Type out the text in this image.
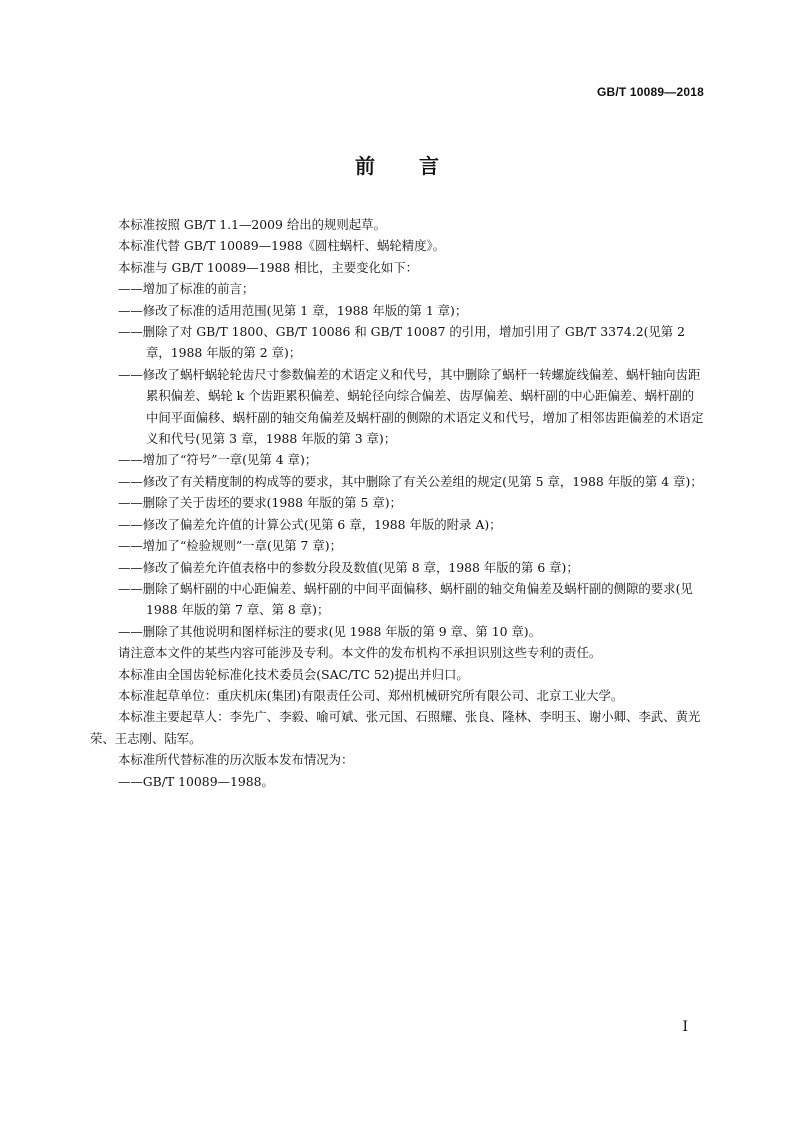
GB/T 10089—2018
前 言

本标准按照 GB/T 1.1—2009 给出的规则起草。

本标准代替 GB/T 10089—1988《圆柱蜗杆、蜗轮精度》。

本标准与 GB/T 10089—1988 相比，主要变化如下：

——增加了标准的前言；

——修改了标准的适用范围(见第 1 章，1988 年版的第 1 章)；

——删除了对 GB/T 1800、GB/T 10086 和 GB/T 10087 的引用，增加引用了 GB/T 3374.2(见第 2 章，1988 年版的第 2 章)；

——修改了蜗杆蜗轮轮齿尺寸参数偏差的术语定义和代号，其中删除了蜗杆一转螺旋线偏差、蜗杆轴向齿距累积偏差、蜗轮 k 个齿距累积偏差、蜗轮径向综合偏差、齿厚偏差、蜗杆副的中心距偏差、蜗杆副的中间平面偏移、蜗杆副的轴交角偏差及蜗杆副的侧隙的术语定义和代号，增加了相邻齿距偏差的术语定义和代号(见第 3 章，1988 年版的第 3 章)；

——增加了“符号”一章(见第 4 章)；

——修改了有关精度制的构成等的要求，其中删除了有关公差组的规定(见第 5 章，1988 年版的第 4 章)；

——删除了关于齿坯的要求(1988 年版的第 5 章)；

——修改了偏差允许值的计算公式(见第 6 章，1988 年版的附录 A)；

——增加了“检验规则”一章(见第 7 章)；

——修改了偏差允许值表格中的参数分段及数值(见第 8 章，1988 年版的第 6 章)；

——删除了蜗杆副的中心距偏差、蜗杆副的中间平面偏移、蜗杆副的轴交角偏差及蜗杆副的侧隙的要求(见 1988 年版的第 7 章、第 8 章)；

——删除了其他说明和图样标注的要求(见 1988 年版的第 9 章、第 10 章)。

请注意本文件的某些内容可能涉及专利。本文件的发布机构不承担识别这些专利的责任。

本标准由全国齿轮标准化技术委员会(SAC/TC 52)提出并归口。

本标准起草单位：重庆机床(集团)有限责任公司、郑州机械研究所有限公司、北京工业大学。

本标准主要起草人：李先广、李毅、喻可斌、张元国、石照耀、张良、隆林、李明玉、谢小卿、李武、黄光荣、王志刚、陆军。

本标准所代替标准的历次版本发布情况为：

——GB/T 10089—1988。

I
